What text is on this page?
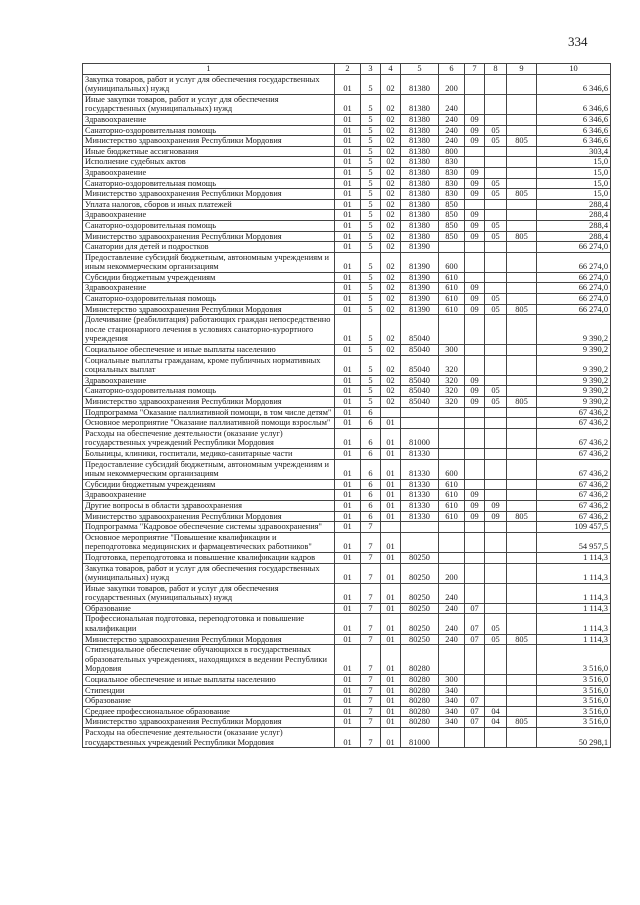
334
1	2	3	4	5	6	7	8	9	10
Закупка товаров, работ и услуг для обеспечения государственных (муниципальных) нужд	01	5	02	81380	200				6 346,6
Иные закупки товаров, работ и услуг для обеспечения государственных (муниципальных) нужд	01	5	02	81380	240				6 346,6
Здравоохранение	01	5	02	81380	240	09			6 346,6
Санаторно-оздоровительная помощь	01	5	02	81380	240	09	05		6 346,6
Министерство здравоохранения Республики Мордовия	01	5	02	81380	240	09	05	805	6 346,6
Иные бюджетные ассигнования	01	5	02	81380	800				303,4
Исполнение судебных актов	01	5	02	81380	830				15,0
Здравоохранение	01	5	02	81380	830	09			15,0
Санаторно-оздоровительная помощь	01	5	02	81380	830	09	05		15,0
Министерство здравоохранения Республики Мордовия	01	5	02	81380	830	09	05	805	15,0
Уплата налогов, сборов и иных платежей	01	5	02	81380	850				288,4
Здравоохранение	01	5	02	81380	850	09			288,4
Санаторно-оздоровительная помощь	01	5	02	81380	850	09	05		288,4
Министерство здравоохранения Республики Мордовия	01	5	02	81380	850	09	05	805	288,4
Санатории для детей и подростков	01	5	02	81390					66 274,0
Предоставление субсидий бюджетным, автономным учреждениям и иным некоммерческим организациям	01	5	02	81390	600				66 274,0
Субсидии бюджетным учреждениям	01	5	02	81390	610				66 274,0
Здравоохранение	01	5	02	81390	610	09			66 274,0
Санаторно-оздоровительная помощь	01	5	02	81390	610	09	05		66 274,0
Министерство здравоохранения Республики Мордовия	01	5	02	81390	610	09	05	805	66 274,0
Долечивание (реабилитация) работающих граждан непосредственно после стационарного лечения в условиях санаторно-курортного учреждения	01	5	02	85040					9 390,2
Социальное обеспечение и иные выплаты населению	01	5	02	85040	300				9 390,2
Социальные выплаты гражданам, кроме публичных нормативных социальных выплат	01	5	02	85040	320				9 390,2
Здравоохранение	01	5	02	85040	320	09			9 390,2
Санаторно-оздоровительная помощь	01	5	02	85040	320	09	05		9 390,2
Министерство здравоохранения Республики Мордовия	01	5	02	85040	320	09	05	805	9 390,2
Подпрограмма "Оказание паллиативной помощи, в том числе детям"	01	6							67 436,2
Основное мероприятие "Оказание паллиативной помощи взрослым"	01	6	01						67 436,2
Расходы на обеспечение деятельности (оказание услуг) государственных учреждений Республики Мордовия	01	6	01	81000					67 436,2
Больницы, клиники, госпитали, медико-санитарные части	01	6	01	81330					67 436,2
Предоставление субсидий бюджетным, автономным учреждениям и иным некоммерческим организациям	01	6	01	81330	600				67 436,2
Субсидии бюджетным учреждениям	01	6	01	81330	610				67 436,2
Здравоохранение	01	6	01	81330	610	09			67 436,2
Другие вопросы в области здравоохранения	01	6	01	81330	610	09	09		67 436,2
Министерство здравоохранения Республики Мордовия	01	6	01	81330	610	09	09	805	67 436,2
Подпрограмма "Кадровое обеспечение системы здравоохранения"	01	7							109 457,5
Основное мероприятие "Повышение квалификации и переподготовка медицинских и фармацевтических работников"	01	7	01						54 957,5
Подготовка, переподготовка и повышение квалификации кадров	01	7	01	80250					1 114,3
Закупка товаров, работ и услуг для обеспечения государственных (муниципальных) нужд	01	7	01	80250	200				1 114,3
Иные закупки товаров, работ и услуг для обеспечения государственных (муниципальных) нужд	01	7	01	80250	240				1 114,3
Образование	01	7	01	80250	240	07			1 114,3
Профессиональная подготовка, переподготовка и повышение квалификации	01	7	01	80250	240	07	05		1 114,3
Министерство здравоохранения Республики Мордовия	01	7	01	80250	240	07	05	805	1 114,3
Стипендиальное обеспечение обучающихся в государственных образовательных учреждениях, находящихся в ведении Республики Мордовия	01	7	01	80280					3 516,0
Социальное обеспечение и иные выплаты населению	01	7	01	80280	300				3 516,0
Стипендии	01	7	01	80280	340				3 516,0
Образование	01	7	01	80280	340	07			3 516,0
Среднее профессиональное образование	01	7	01	80280	340	07	04		3 516,0
Министерство здравоохранения Республики Мордовия	01	7	01	80280	340	07	04	805	3 516,0
Расходы на обеспечение деятельности (оказание услуг) государственных учреждений Республики Мордовия	01	7	01	81000					50 298,1
